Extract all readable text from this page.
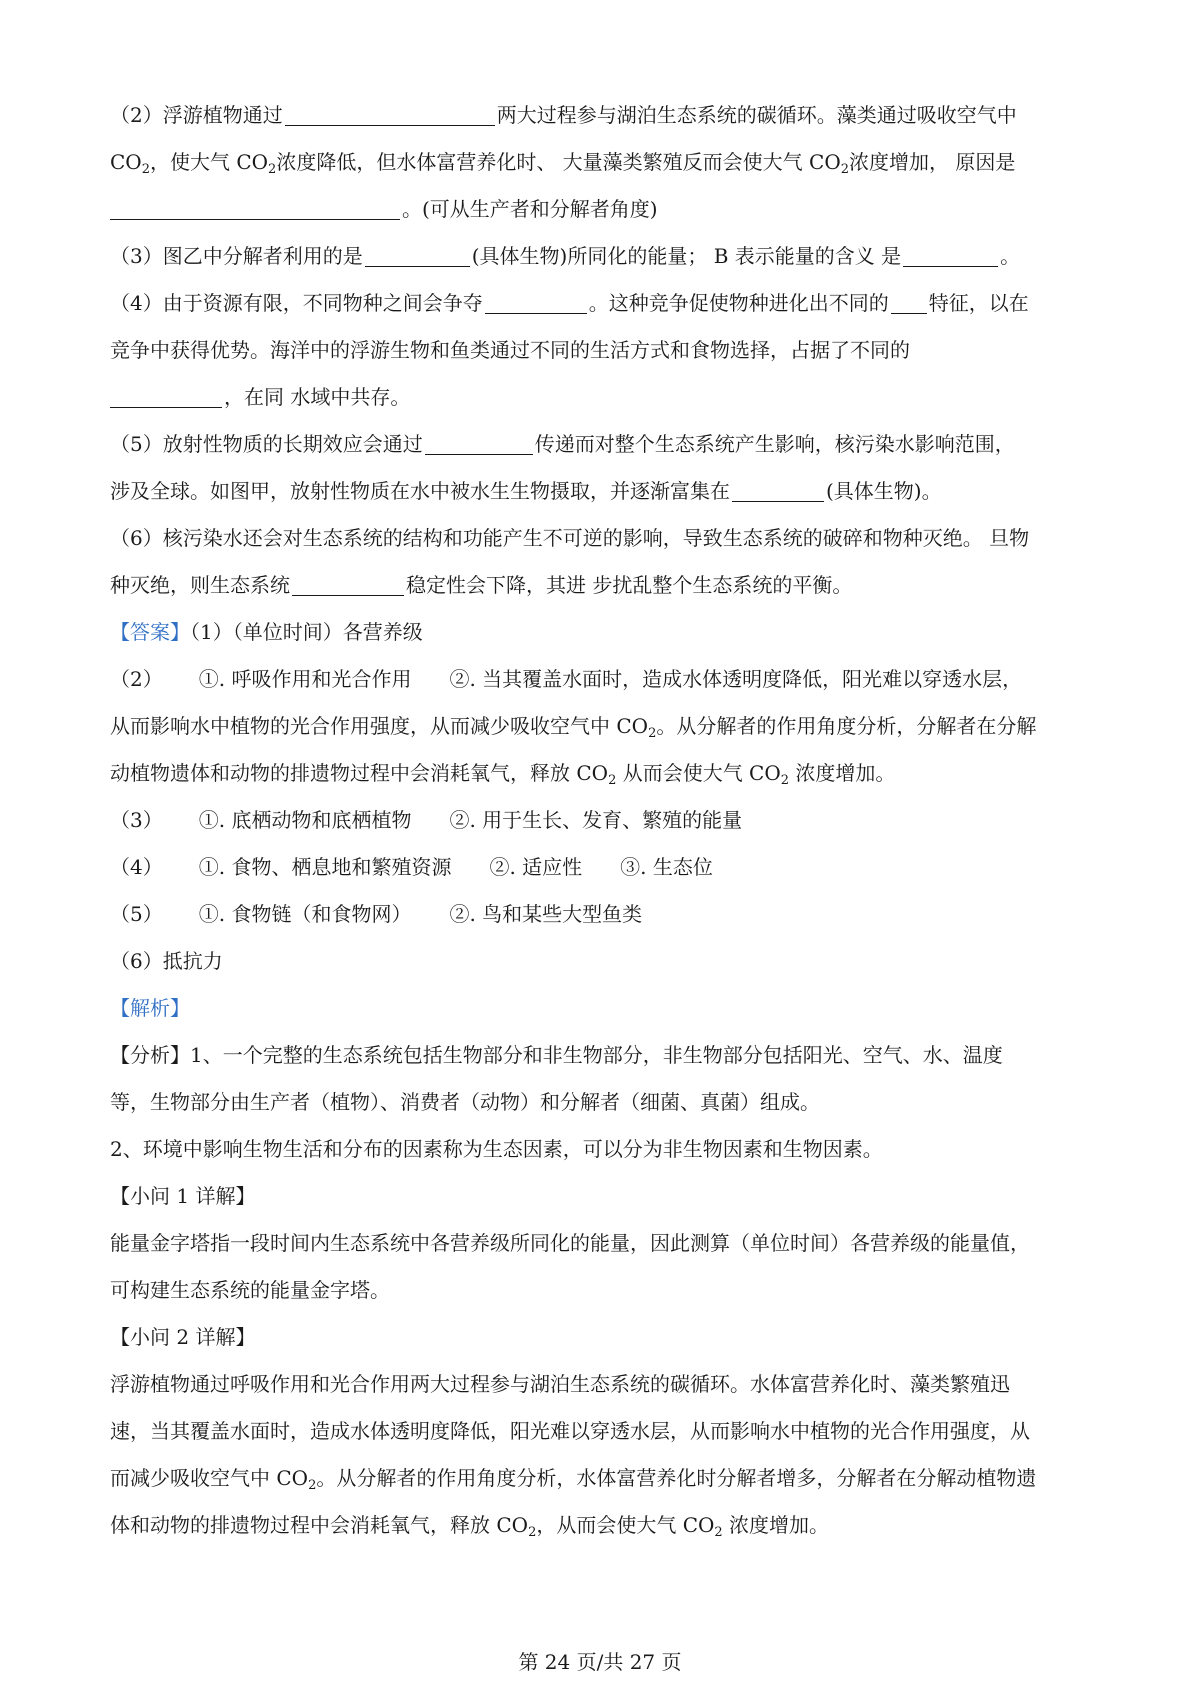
（2）浮游植物通过	两大过程参与湖泊生态系统的碳循环。藻类通过吸收空气中
$CO_2$，使大气 $CO_2$浓度降低，但水体富营养化时、 大量藻类繁殖反而会使大气 $CO_2$浓度增加， 原因是
。(可从生产者和分解者角度)
（3）图乙中分解者利用的是	(具体生物)所同化的能量； B 表示能量的含义 是	。
（4）由于资源有限，不同物种之间会争夺	。这种竞争促使物种进化出不同的 特征，以在
竞争中获得优势。海洋中的浮游生物和鱼类通过不同的生活方式和食物选择，占据了不同的
，在同 水域中共存。
（5）放射性物质的长期效应会通过	传递而对整个生态系统产生影响，核污染水影响范围，
涉及全球。如图甲，放射性物质在水中被水生生物摄取，并逐渐富集在	(具体生物)。
（6）核污染水还会对生态系统的结构和功能产生不可逆的影响，导致生态系统的破碎和物种灭绝。 旦物
种灭绝，则生态系统	稳定性会下降，其进 步扰乱整个生态系统的平衡。
【答案】（1）（单位时间）各营养级
（2） ①. 呼吸作用和光合作用 ②. 当其覆盖水面时，造成水体透明度降低，阳光难以穿透水层，
从而影响水中植物的光合作用强度，从而减少吸收空气中 $CO_2$。从分解者的作用角度分析，分解者在分解
动植物遗体和动物的排遗物过程中会消耗氧气，释放 $CO_2$ 从而会使大气 $CO_2$ 浓度增加。
（3） ①. 底栖动物和底栖植物 ②. 用于生长、发育、繁殖的能量
（4） ①. 食物、栖息地和繁殖资源 ②. 适应性 ③. 生态位
（5） ①. 食物链（和食物网） ②. 鸟和某些大型鱼类
（6）抵抗力
【解析】
【分析】1、一个完整的生态系统包括生物部分和非生物部分，非生物部分包括阳光、空气、水、温度
等，生物部分由生产者（植物）、消费者（动物）和分解者（细菌、真菌）组成。
2、环境中影响生物生活和分布的因素称为生态因素，可以分为非生物因素和生物因素。
【小问 1 详解】
能量金字塔指一段时间内生态系统中各营养级所同化的能量，因此测算（单位时间）各营养级的能量值，
可构建生态系统的能量金字塔。
【小问 2 详解】
浮游植物通过呼吸作用和光合作用两大过程参与湖泊生态系统的碳循环。水体富营养化时、藻类繁殖迅
速，当其覆盖水面时，造成水体透明度降低，阳光难以穿透水层，从而影响水中植物的光合作用强度，从
而减少吸收空气中 $CO_2$。从分解者的作用角度分析，水体富营养化时分解者增多，分解者在分解动植物遗
体和动物的排遗物过程中会消耗氧气，释放 $CO_2$，从而会使大气 $CO_2$ 浓度增加。
第 24 页/共 27 页
